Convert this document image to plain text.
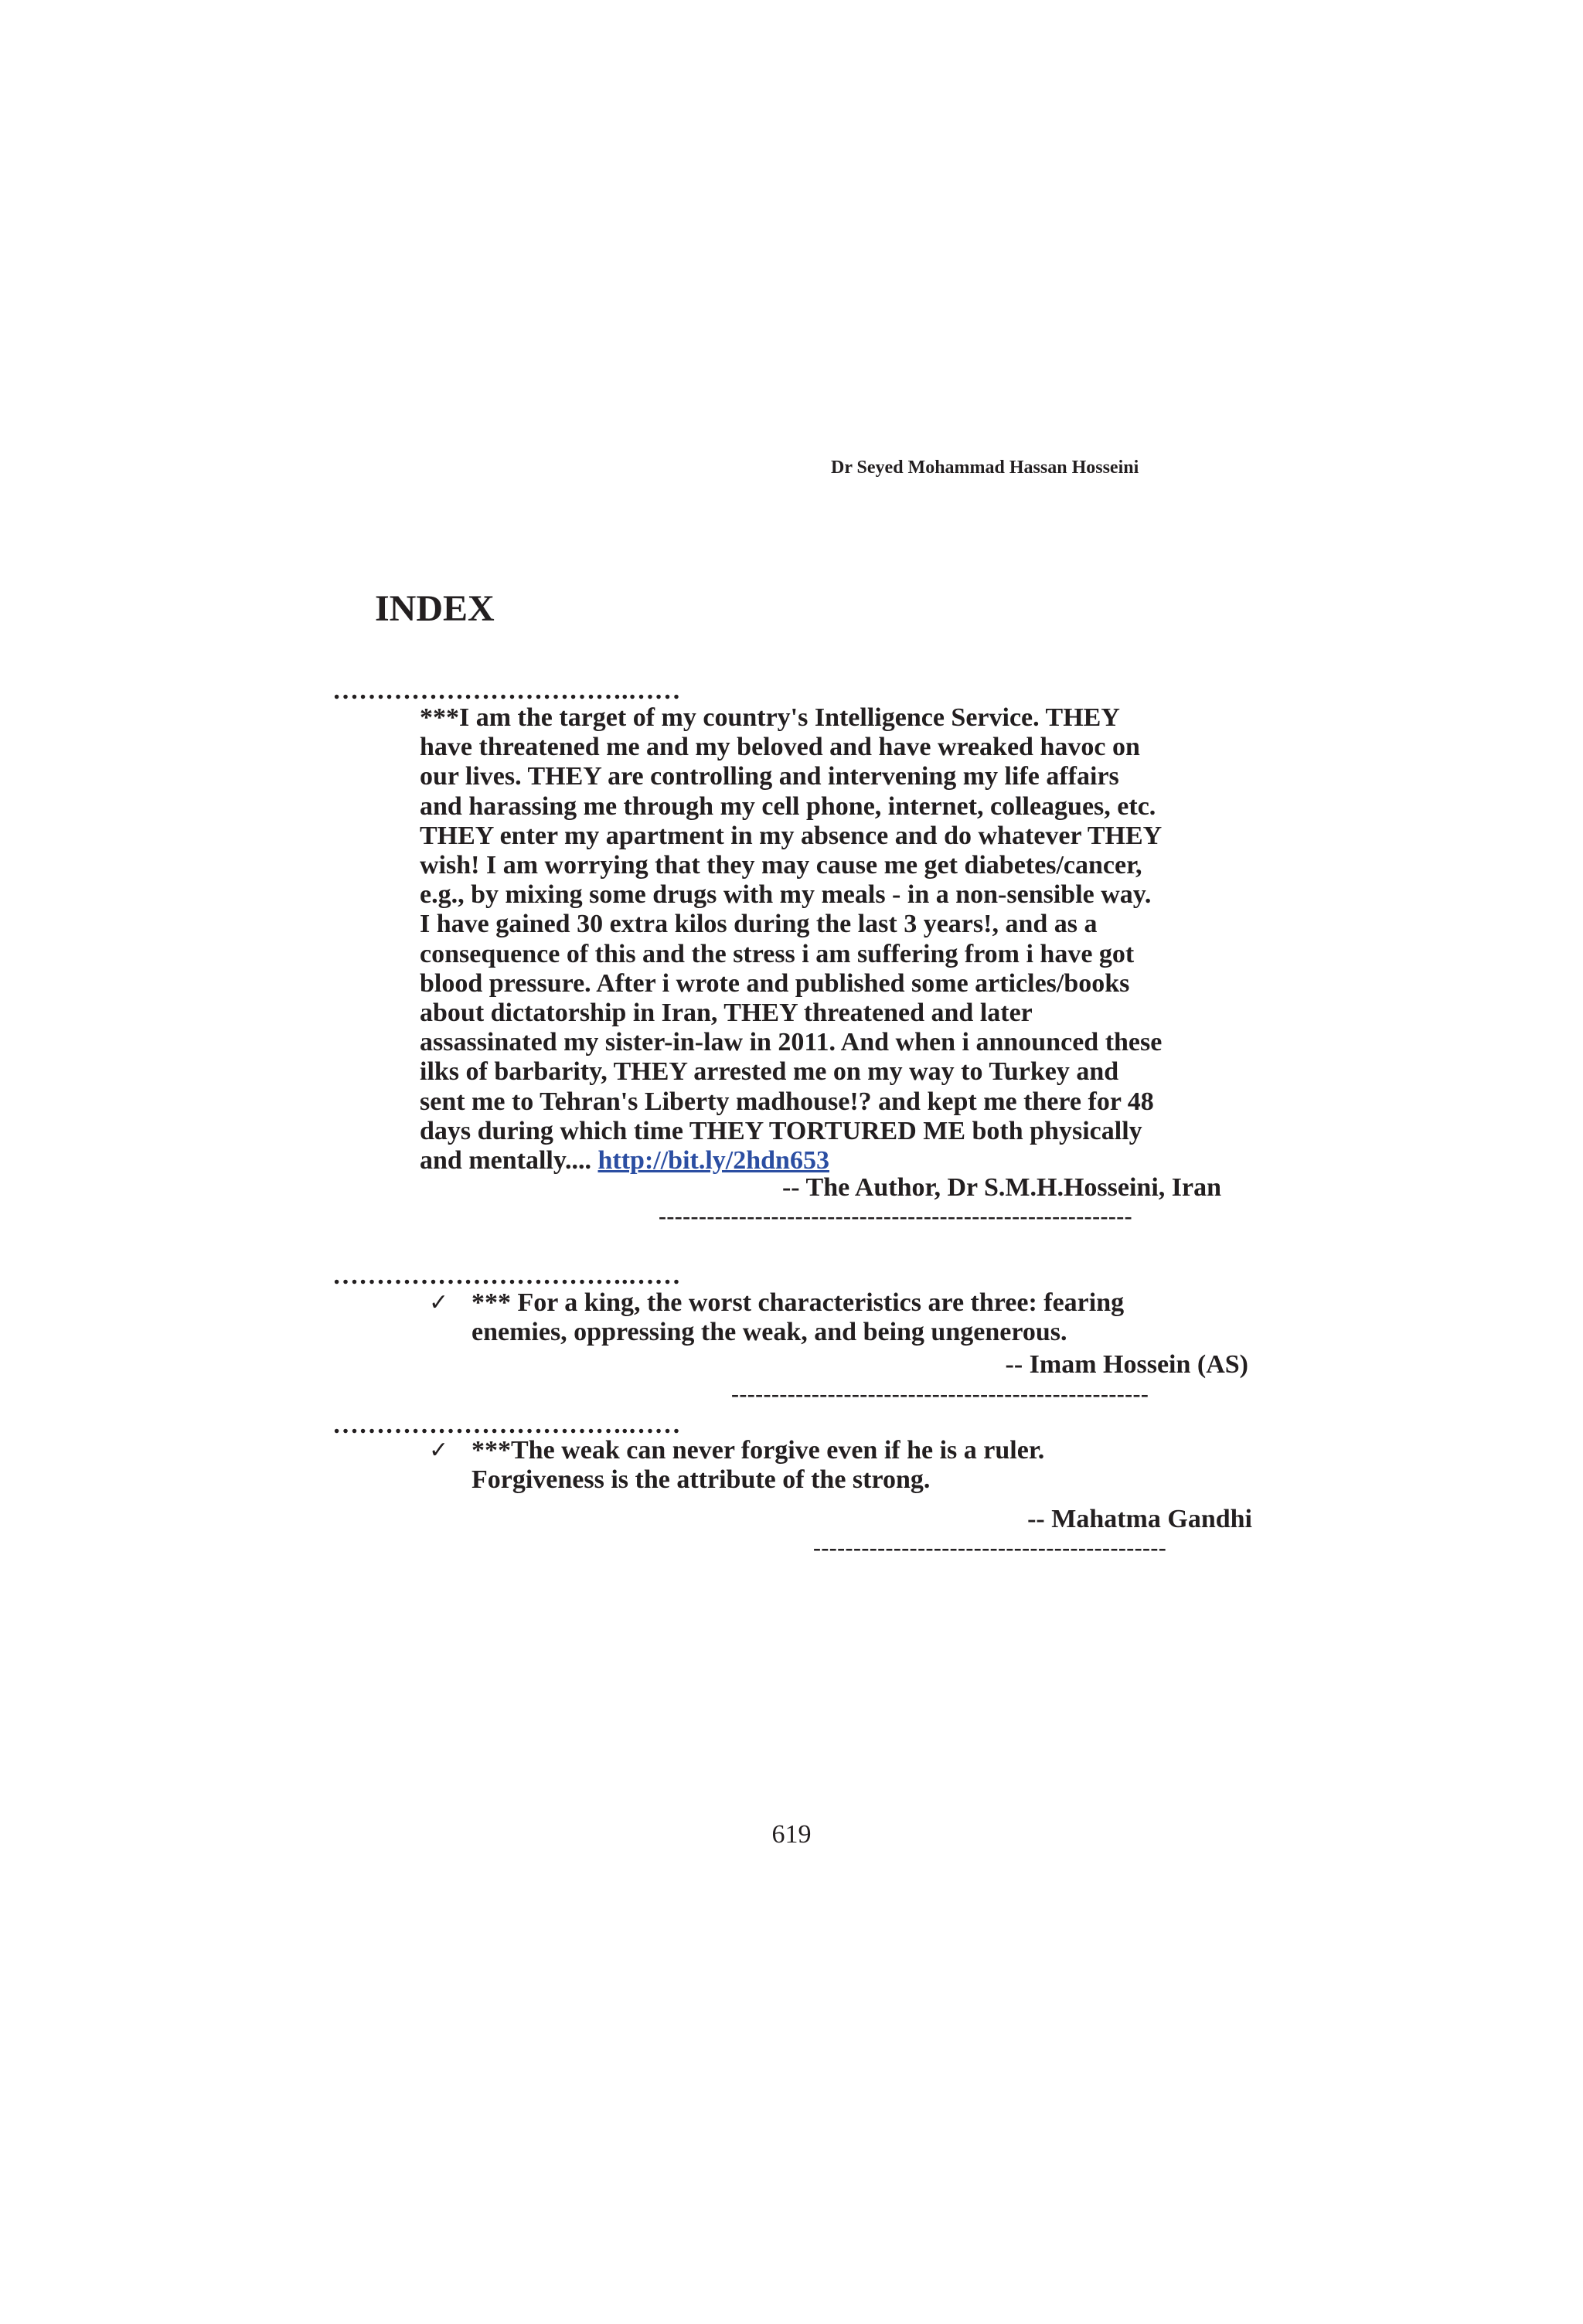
Dr Seyed Mohammad Hassan Hosseini
INDEX
…………………………….……
***I am the target of my country's Intelligence Service. THEY
have threatened me and my beloved and have wreaked havoc on
our lives. THEY are controlling and intervening my life affairs
and harassing me through my cell phone, internet, colleagues, etc.
THEY enter my apartment in my absence and do whatever THEY
wish! I am worrying that they may cause me get diabetes/cancer,
e.g., by mixing some drugs with my meals - in a non-sensible way.
I have gained 30 extra kilos during the last 3 years!, and as a
consequence of this and the stress i am suffering from i have got
blood pressure. After i wrote and published some articles/books
about dictatorship in Iran, THEY threatened and later
assassinated my sister-in-law in 2011. And when i announced these
ilks of barbarity, THEY arrested me on my way to Turkey and
sent me to Tehran's Liberty madhouse!? and kept me there for 48
days during which time THEY TORTURED ME both physically
and mentally.... http://bit.ly/2hdn653
-- The Author, Dr S.M.H.Hosseini, Iran
-----------------------------------------------------------
…………………………….……
✓ *** For a king, the worst characteristics are three: fearing
enemies, oppressing the weak, and being ungenerous.
-- Imam Hossein (AS)
----------------------------------------------------
…………………………….……
✓ ***The weak can never forgive even if he is a ruler.
Forgiveness is the attribute of the strong.
-- Mahatma Gandhi
--------------------------------------------
619
